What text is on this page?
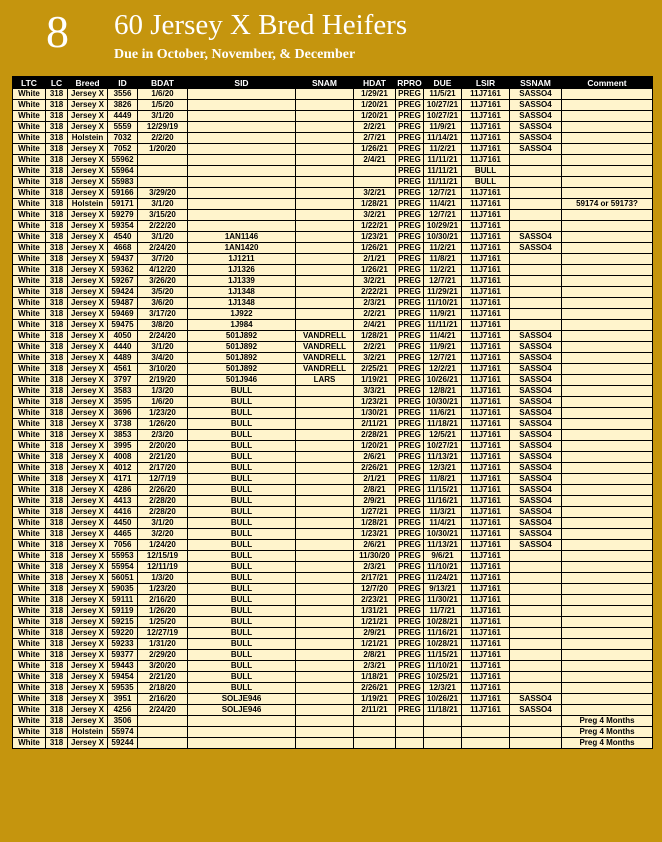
8 60 Jersey X Bred Heifers
Due in October, November, & December
LTC	LC	Breed	ID	BDAT	SID	SNAM	HDAT	RPRO	DUE	LSIR	SSNAM	Comment
White	318	Jersey X	3556	1/6/20			1/29/21	PREG	11/5/21	11J7161	SASSO4	
White	318	Jersey X	3826	1/5/20			1/20/21	PREG	10/27/21	11J7161	SASSO4	
White	318	Jersey X	4449	3/1/20			1/20/21	PREG	10/27/21	11J7161	SASSO4	
White	318	Jersey X	5559	12/29/19			2/2/21	PREG	11/9/21	11J7161	SASSO4	
White	318	Holstein	7032	2/2/20			2/7/21	PREG	11/14/21	11J7161	SASSO4	
White	318	Jersey X	7052	1/20/20			1/26/21	PREG	11/2/21	11J7161	SASSO4	
White	318	Jersey X	55962				2/4/21	PREG	11/11/21	11J7161		
White	318	Jersey X	55964					PREG	11/11/21	BULL		
White	318	Jersey X	55983					PREG	11/11/21	BULL		
White	318	Jersey X	59166	3/29/20			3/2/21	PREG	12/7/21	11J7161		
White	318	Holstein	59171	3/1/20			1/28/21	PREG	11/4/21	11J7161		59174 or 59173?
White	318	Jersey X	59279	3/15/20			3/2/21	PREG	12/7/21	11J7161		
White	318	Jersey X	59354	2/22/20			1/22/21	PREG	10/29/21	11J7161		
White	318	Jersey X	4540	3/1/20	1AN1146		1/23/21	PREG	10/30/21	11J7161	SASSO4	
White	318	Jersey X	4668	2/24/20	1AN1420		1/26/21	PREG	11/2/21	11J7161	SASSO4	
White	318	Jersey X	59437	3/7/20	1J1211		2/1/21	PREG	11/8/21	11J7161		
White	318	Jersey X	59362	4/12/20	1J1326		1/26/21	PREG	11/2/21	11J7161		
White	318	Jersey X	59267	3/26/20	1J1339		3/2/21	PREG	12/7/21	11J7161		
White	318	Jersey X	59424	3/5/20	1J1348		2/22/21	PREG	11/29/21	11J7161		
White	318	Jersey X	59487	3/6/20	1J1348		2/3/21	PREG	11/10/21	11J7161		
White	318	Jersey X	59469	3/17/20	1J922		2/2/21	PREG	11/9/21	11J7161		
White	318	Jersey X	59475	3/8/20	1J984		2/4/21	PREG	11/11/21	11J7161		
White	318	Jersey X	4050	2/24/20	501J892	VANDRELL	1/28/21	PREG	11/4/21	11J7161	SASSO4	
White	318	Jersey X	4440	3/1/20	501J892	VANDRELL	2/2/21	PREG	11/9/21	11J7161	SASSO4	
White	318	Jersey X	4489	3/4/20	501J892	VANDRELL	3/2/21	PREG	12/7/21	11J7161	SASSO4	
White	318	Jersey X	4561	3/10/20	501J892	VANDRELL	2/25/21	PREG	12/2/21	11J7161	SASSO4	
White	318	Jersey X	3797	2/19/20	501J946	LARS	1/19/21	PREG	10/26/21	11J7161	SASSO4	
White	318	Jersey X	3583	1/3/20	BULL		3/3/21	PREG	12/8/21	11J7161	SASSO4	
White	318	Jersey X	3595	1/6/20	BULL		1/23/21	PREG	10/30/21	11J7161	SASSO4	
White	318	Jersey X	3696	1/23/20	BULL		1/30/21	PREG	11/6/21	11J7161	SASSO4	
White	318	Jersey X	3738	1/26/20	BULL		2/11/21	PREG	11/18/21	11J7161	SASSO4	
White	318	Jersey X	3853	2/3/20	BULL		2/28/21	PREG	12/5/21	11J7161	SASSO4	
White	318	Jersey X	3995	2/20/20	BULL		1/20/21	PREG	10/27/21	11J7161	SASSO4	
White	318	Jersey X	4008	2/21/20	BULL		2/6/21	PREG	11/13/21	11J7161	SASSO4	
White	318	Jersey X	4012	2/17/20	BULL		2/26/21	PREG	12/3/21	11J7161	SASSO4	
White	318	Jersey X	4171	12/7/19	BULL		2/1/21	PREG	11/8/21	11J7161	SASSO4	
White	318	Jersey X	4286	2/26/20	BULL		2/8/21	PREG	11/15/21	11J7161	SASSO4	
White	318	Jersey X	4413	2/28/20	BULL		2/9/21	PREG	11/16/21	11J7161	SASSO4	
White	318	Jersey X	4416	2/28/20	BULL		1/27/21	PREG	11/3/21	11J7161	SASSO4	
White	318	Jersey X	4450	3/1/20	BULL		1/28/21	PREG	11/4/21	11J7161	SASSO4	
White	318	Jersey X	4465	3/2/20	BULL		1/23/21	PREG	10/30/21	11J7161	SASSO4	
White	318	Jersey X	7056	1/24/20	BULL		2/6/21	PREG	11/13/21	11J7161	SASSO4	
White	318	Jersey X	55953	12/15/19	BULL		11/30/20	PREG	9/6/21	11J7161		
White	318	Jersey X	55954	12/11/19	BULL		2/3/21	PREG	11/10/21	11J7161		
White	318	Jersey X	56051	1/3/20	BULL		2/17/21	PREG	11/24/21	11J7161		
White	318	Jersey X	59035	1/23/20	BULL		12/7/20	PREG	9/13/21	11J7161		
White	318	Jersey X	59111	2/16/20	BULL		2/23/21	PREG	11/30/21	11J7161		
White	318	Jersey X	59119	1/26/20	BULL		1/31/21	PREG	11/7/21	11J7161		
White	318	Jersey X	59215	1/25/20	BULL		1/21/21	PREG	10/28/21	11J7161		
White	318	Jersey X	59220	12/27/19	BULL		2/9/21	PREG	11/16/21	11J7161		
White	318	Jersey X	59233	1/31/20	BULL		1/21/21	PREG	10/28/21	11J7161		
White	318	Jersey X	59377	2/29/20	BULL		2/8/21	PREG	11/15/21	11J7161		
White	318	Jersey X	59443	3/20/20	BULL		2/3/21	PREG	11/10/21	11J7161		
White	318	Jersey X	59454	2/21/20	BULL		1/18/21	PREG	10/25/21	11J7161		
White	318	Jersey X	59535	2/18/20	BULL		2/26/21	PREG	12/3/21	11J7161		
White	318	Jersey X	3951	2/16/20	SOLJE946		1/19/21	PREG	10/26/21	11J7161	SASSO4	
White	318	Jersey X	4256	2/24/20	SOLJE946		2/11/21	PREG	11/18/21	11J7161	SASSO4	
White	318	Jersey X	3506									Preg 4 Months
White	318	Holstein	55974									Preg 4 Months
White	318	Jersey X	59244									Preg 4 Months
